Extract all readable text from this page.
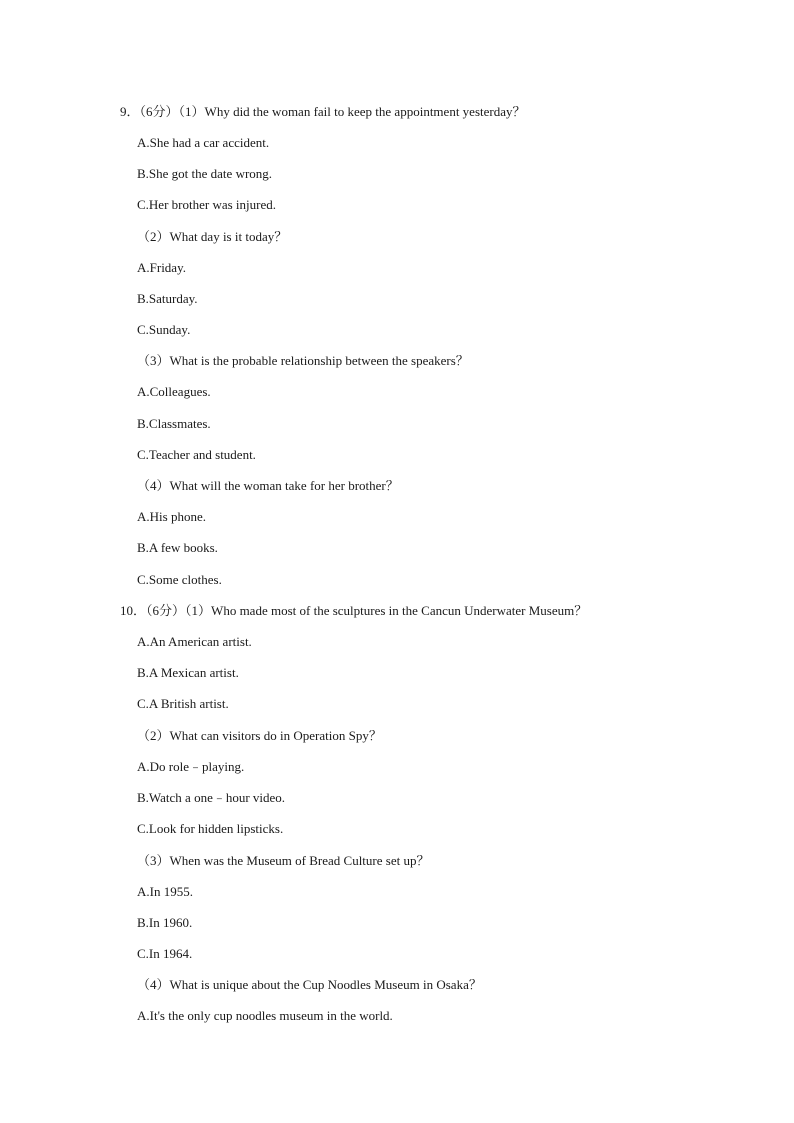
9．（6分）（1）Why did the woman fail to keep the appointment yesterday？
A.She had a car accident.
B.She got the date wrong.
C.Her brother was injured.
（2）What day is it today？
A.Friday.
B.Saturday.
C.Sunday.
（3）What is the probable relationship between the speakers？
A.Colleagues.
B.Classmates.
C.Teacher and student.
（4）What will the woman take for her brother？
A.His phone.
B.A few books.
C.Some clothes.
10．（6分）（1）Who made most of the sculptures in the Cancun Underwater Museum？
A.An American artist.
B.A Mexican artist.
C.A British artist.
（2）What can visitors do in Operation Spy？
A.Do role﹣playing.
B.Watch a one﹣hour video.
C.Look for hidden lipsticks.
（3）When was the Museum of Bread Culture set up？
A.In 1955.
B.In 1960.
C.In 1964.
（4）What is unique about the Cup Noodles Museum in Osaka？
A.It's the only cup noodles museum in the world.
